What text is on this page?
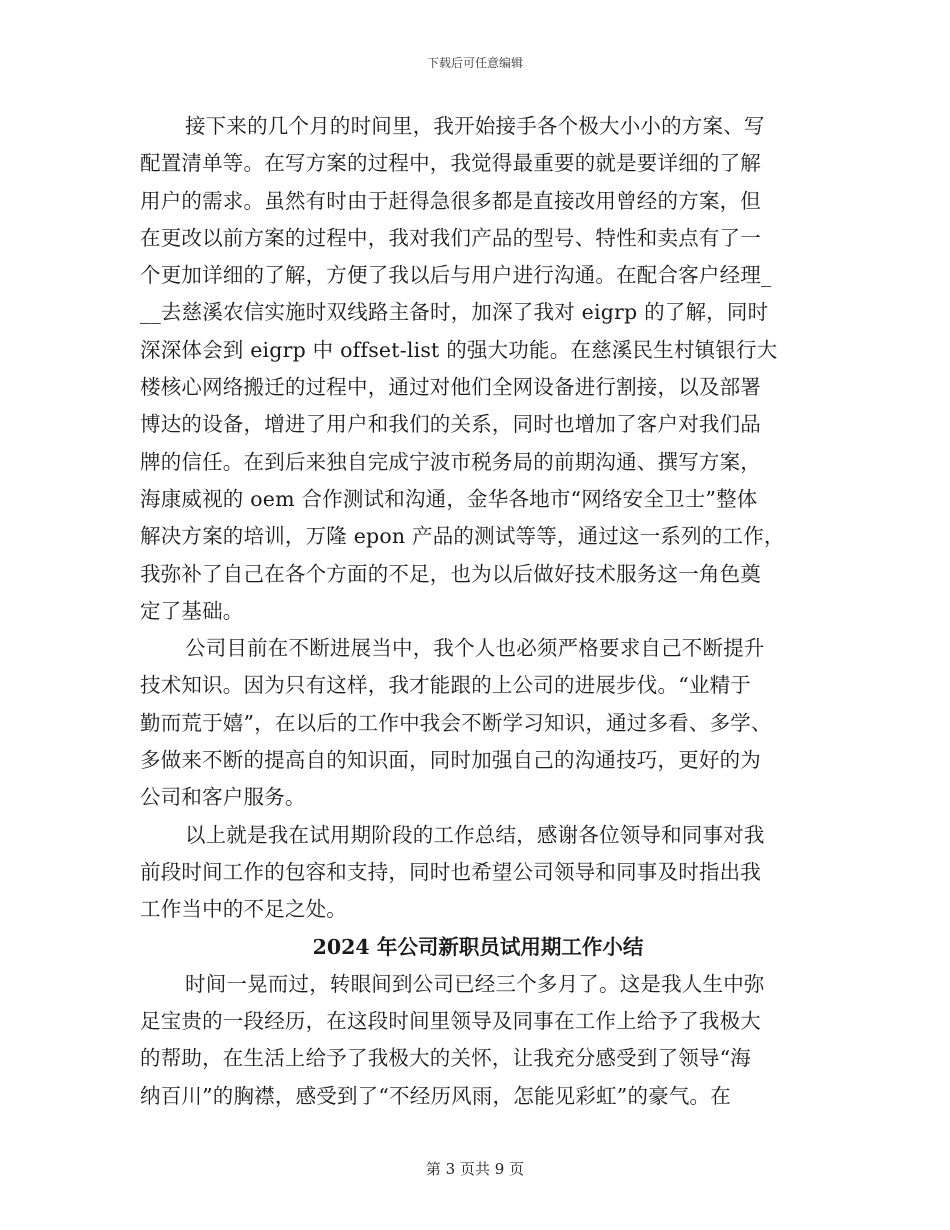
下载后可任意编辑
接下来的几个月的时间里，我开始接手各个极大小小的方案、写
配置清单等。在写方案的过程中，我觉得最重要的就是要详细的了解
用户的需求。虽然有时由于赶得急很多都是直接改用曾经的方案，但
在更改以前方案的过程中，我对我们产品的型号、特性和卖点有了一
个更加详细的了解，方便了我以后与用户进行沟通。在配合客户经理_
__去慈溪农信实施时双线路主备时，加深了我对 eigrp 的了解，同时
深深体会到 eigrp 中 offset-list 的强大功能。在慈溪民生村镇银行大
楼核心网络搬迁的过程中，通过对他们全网设备进行割接，以及部署
博达的设备，增进了用户和我们的关系，同时也增加了客户对我们品
牌的信任。在到后来独自完成宁波市税务局的前期沟通、撰写方案，
海康威视的 oem 合作测试和沟通，金华各地市“网络安全卫士”整体
解决方案的培训，万隆 epon 产品的测试等等，通过这一系列的工作，
我弥补了自己在各个方面的不足，也为以后做好技术服务这一角色奠
定了基础。
公司目前在不断进展当中，我个人也必须严格要求自己不断提升
技术知识。因为只有这样，我才能跟的上公司的进展步伐。“业精于
勤而荒于嬉”，在以后的工作中我会不断学习知识，通过多看、多学、
多做来不断的提高自的知识面，同时加强自己的沟通技巧，更好的为
公司和客户服务。
以上就是我在试用期阶段的工作总结，感谢各位领导和同事对我
前段时间工作的包容和支持，同时也希望公司领导和同事及时指出我
工作当中的不足之处。
2024 年公司新职员试用期工作小结
时间一晃而过，转眼间到公司已经三个多月了。这是我人生中弥
足宝贵的一段经历，在这段时间里领导及同事在工作上给予了我极大
的帮助，在生活上给予了我极大的关怀，让我充分感受到了领导“海
纳百川”的胸襟，感受到了“不经历风雨，怎能见彩虹”的豪气。在
第 3 页共 9 页
